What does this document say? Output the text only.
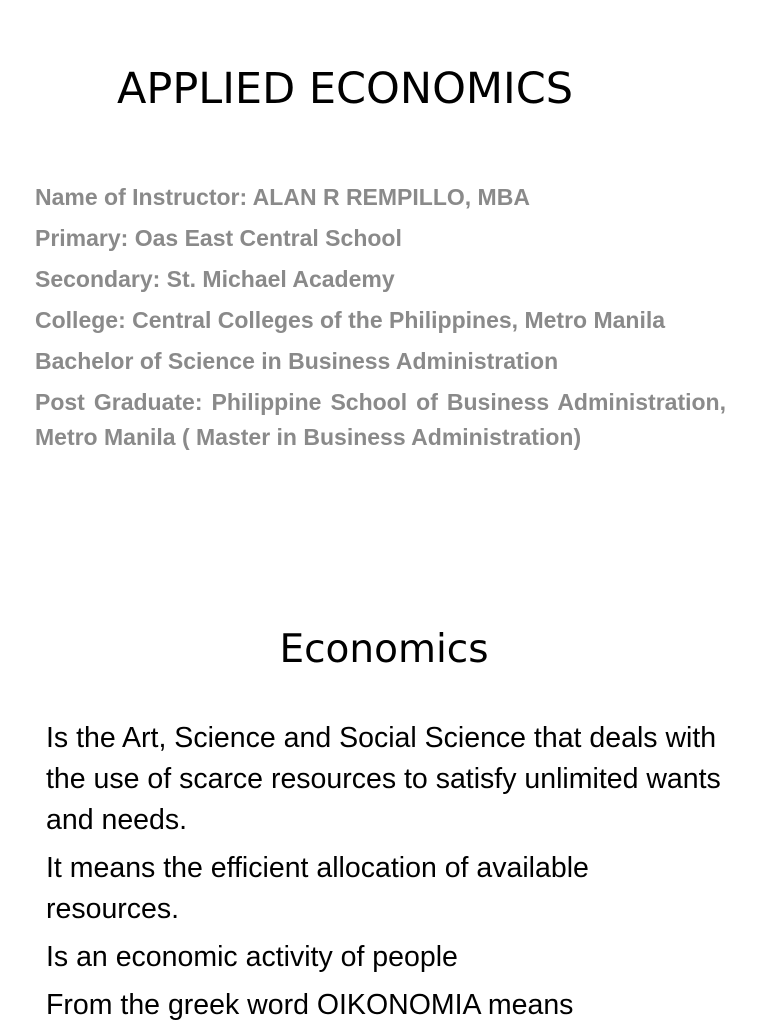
APPLIED ECONOMICS
Name of Instructor: ALAN R REMPILLO, MBA
Primary: Oas East Central School
Secondary: St. Michael Academy
College: Central Colleges of the Philippines, Metro Manila
Bachelor of Science in Business Administration
Post Graduate: Philippine School of Business Administration, Metro Manila ( Master in Business Administration)
Economics
Is the Art, Science and Social Science that deals with the use of scarce resources to satisfy unlimited wants and needs.
It means the efficient allocation of available resources.
Is an economic activity of people
From the greek word OIKONOMIA means
